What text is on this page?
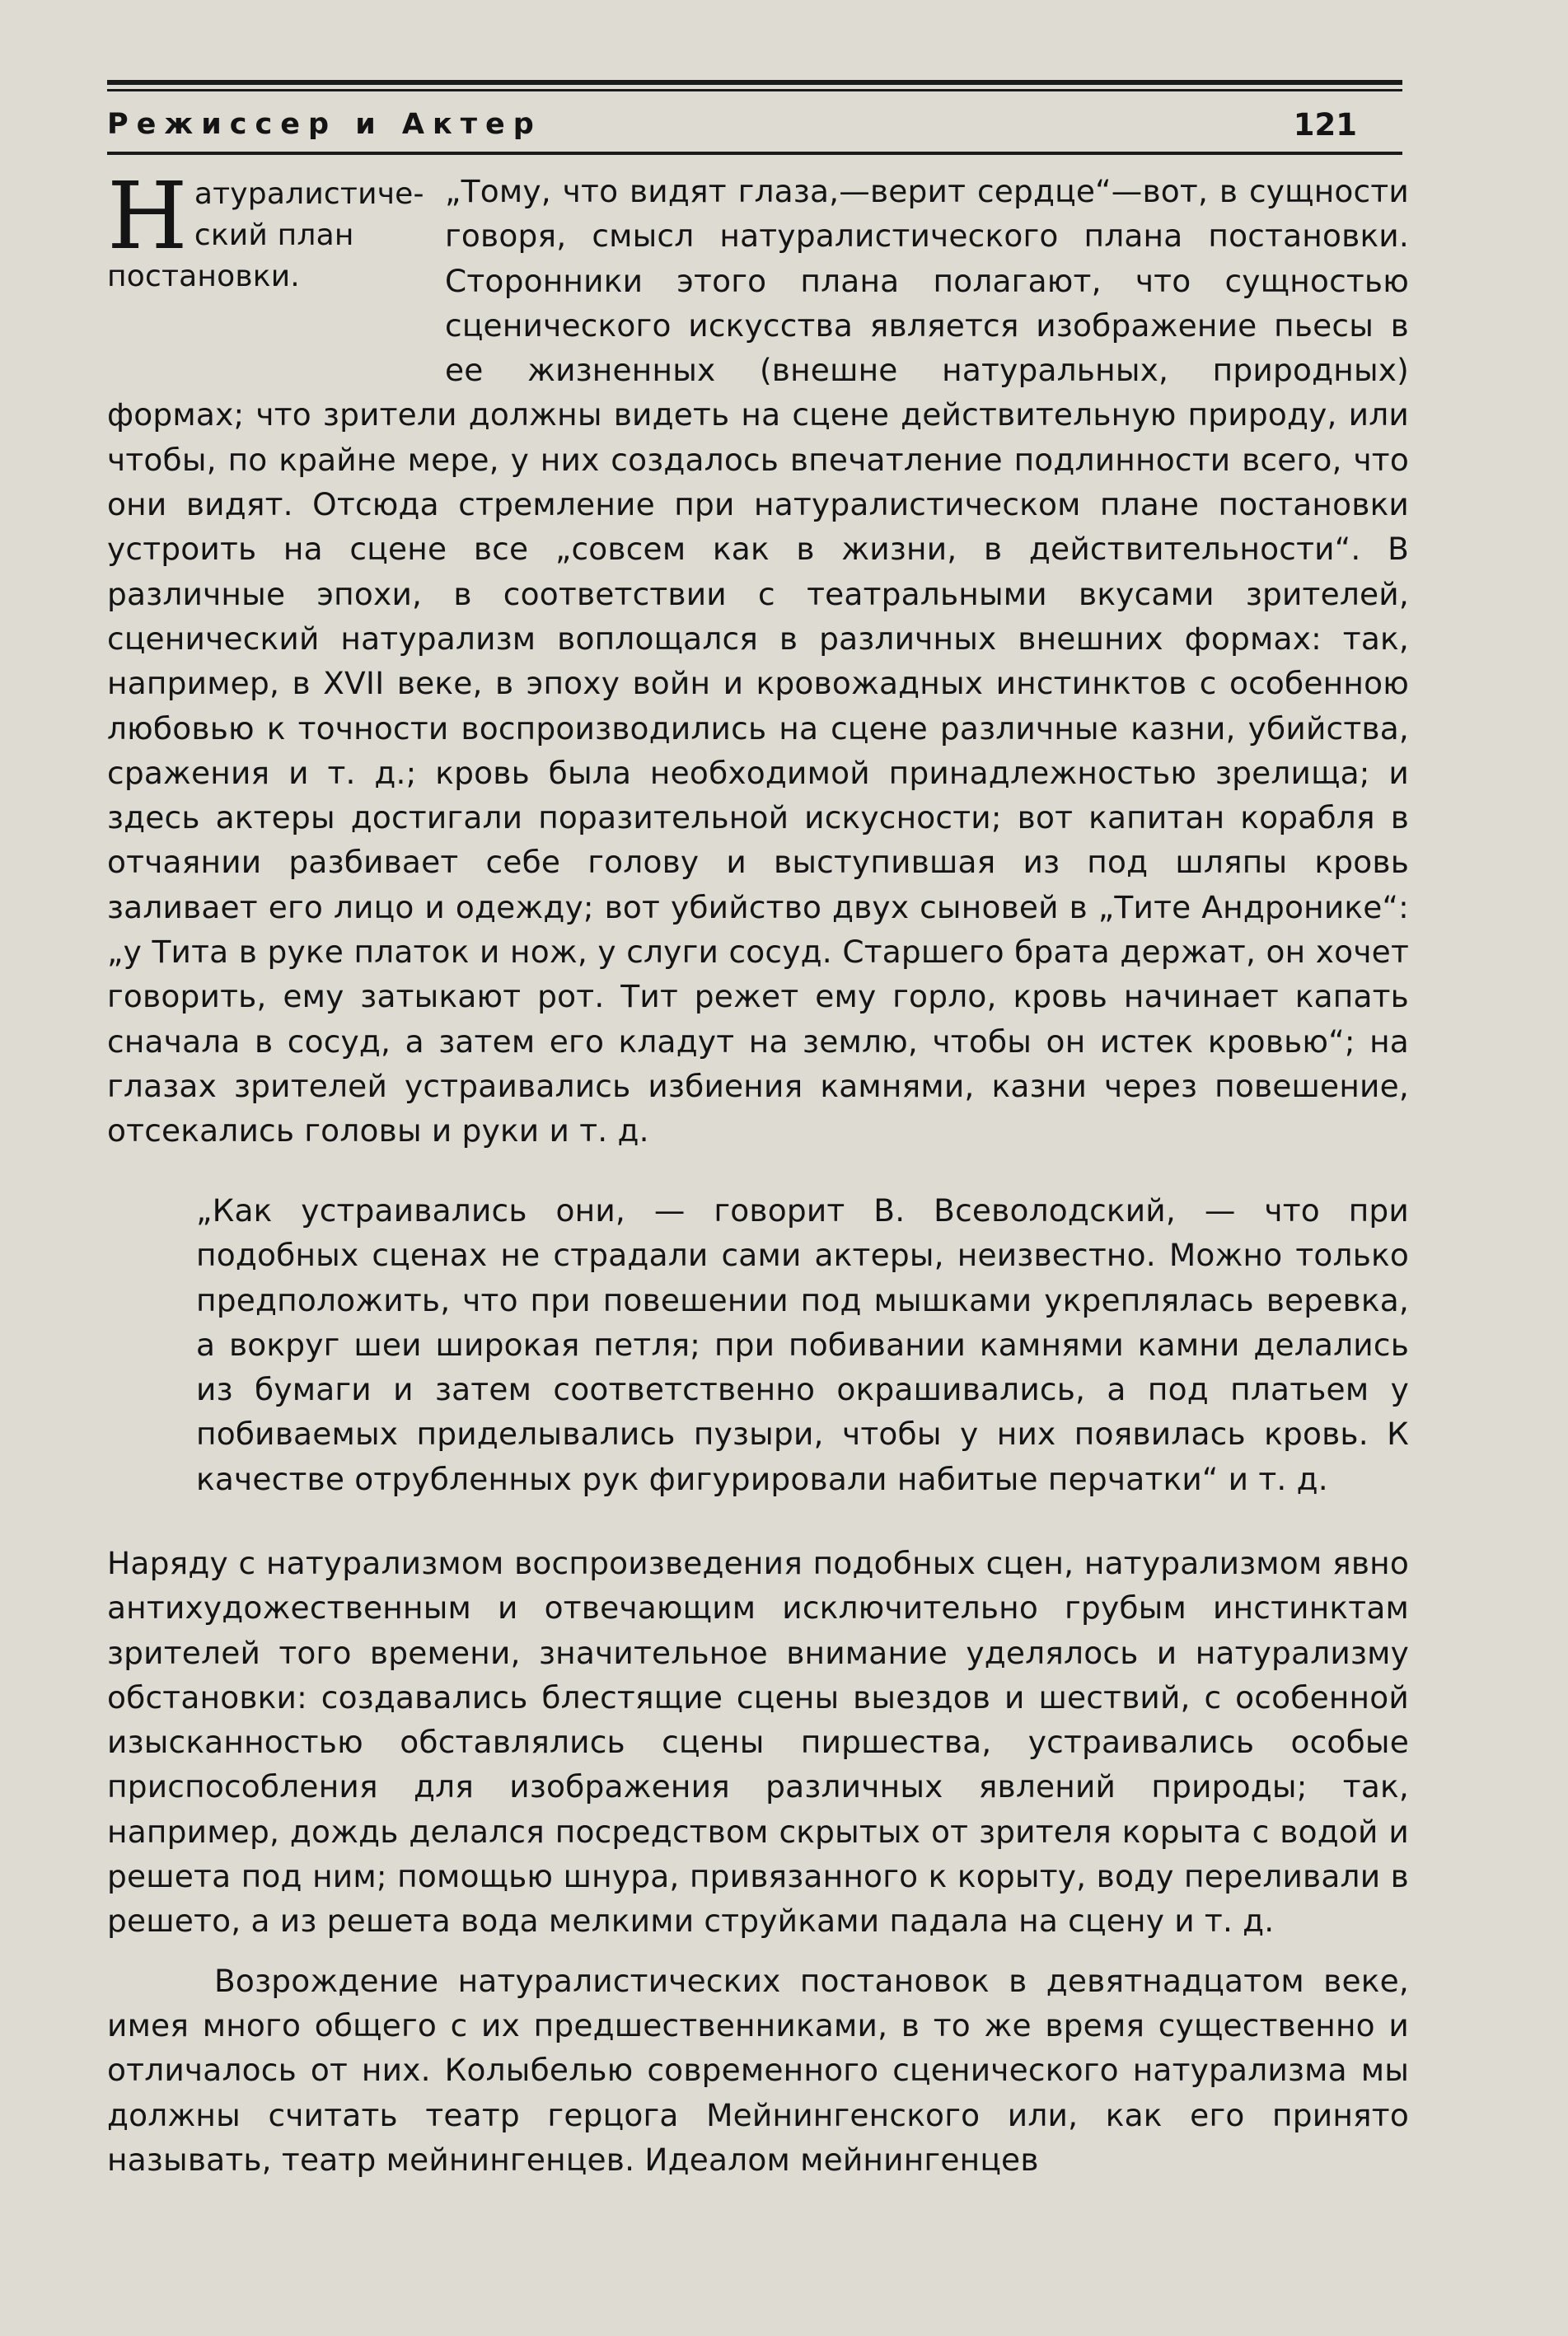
Режиссер и Актер	121
Н атуралистиче-ский план постановки.

„Тому, что видят глаза,—верит сердце“—вот, в сущности говоря, смысл натуралистического плана постановки. Сторонники этого плана полагают, что сущностью сценического искусства является изображение пьесы в ее жизненных (внешне натуральных, природных) формах; что зрители должны видеть на сцене действительную природу, или чтобы, по крайне мере, у них создалось впечатление подлинности всего, что они видят. Отсюда стремление при натуралистическом плане постановки устроить на сцене все „совсем как в жизни, в действительности“. В различные эпохи, в соответствии с театральными вкусами зрителей, сценический натурализм воплощался в различных внешних формах: так, например, в XVII веке, в эпоху войн и кровожадных инстинктов с особенною любовью к точности воспроизводились на сцене различные казни, убийства, сражения и т. д.; кровь была необходимой принадлежностью зрелища; и здесь актеры достигали поразительной искусности; вот капитан корабля в отчаянии разбивает себе голову и выступившая из под шляпы кровь заливает его лицо и одежду; вот убийство двух сыновей в „Тите Андронике“: „у Тита в руке платок и нож, у слуги сосуд. Старшего брата держат, он хочет говорить, ему затыкают рот. Тит режет ему горло, кровь начинает капать сначала в сосуд, а затем его кладут на землю, чтобы он истек кровью“; на глазах зрителей устраивались избиения камнями, казни через повешение, отсекались головы и руки и т. д.

„Как устраивались они, — говорит В. Всеволодский, — что при подобных сценах не страдали сами актеры, неизвестно. Можно только предположить, что при повешении под мышками укреплялась веревка, а вокруг шеи широкая петля; при побивании камнями камни делались из бумаги и затем соответственно окрашивались, а под платьем у побиваемых приделывались пузыри, чтобы у них появилась кровь. К качестве отрубленных рук фигурировали набитые перчатки“ и т. д.

Наряду с натурализмом воспроизведения подобных сцен, натурализмом явно антихудожественным и отвечающим исключительно грубым инстинктам зрителей того времени, значительное внимание уделялось и натурализму обстановки: создавались блестящие сцены выездов и шествий, с особенной изысканностью обставлялись сцены пиршества, устраивались особые приспособления для изображения различных явлений природы; так, например, дождь делался посредством скрытых от зрителя корыта с водой и решета под ним; помощью шнура, привязанного к корыту, воду переливали в решето, а из решета вода мелкими струйками падала на сцену и т. д.

Возрождение натуралистических постановок в девятнадцатом веке, имея много общего с их предшественниками, в то же время существенно и отличалось от них. Колыбелью современного сценического натурализма мы должны считать театр герцога Мейнингенского или, как его принято называть, театр мейнингенцев. Идеалом мейнингенцев
